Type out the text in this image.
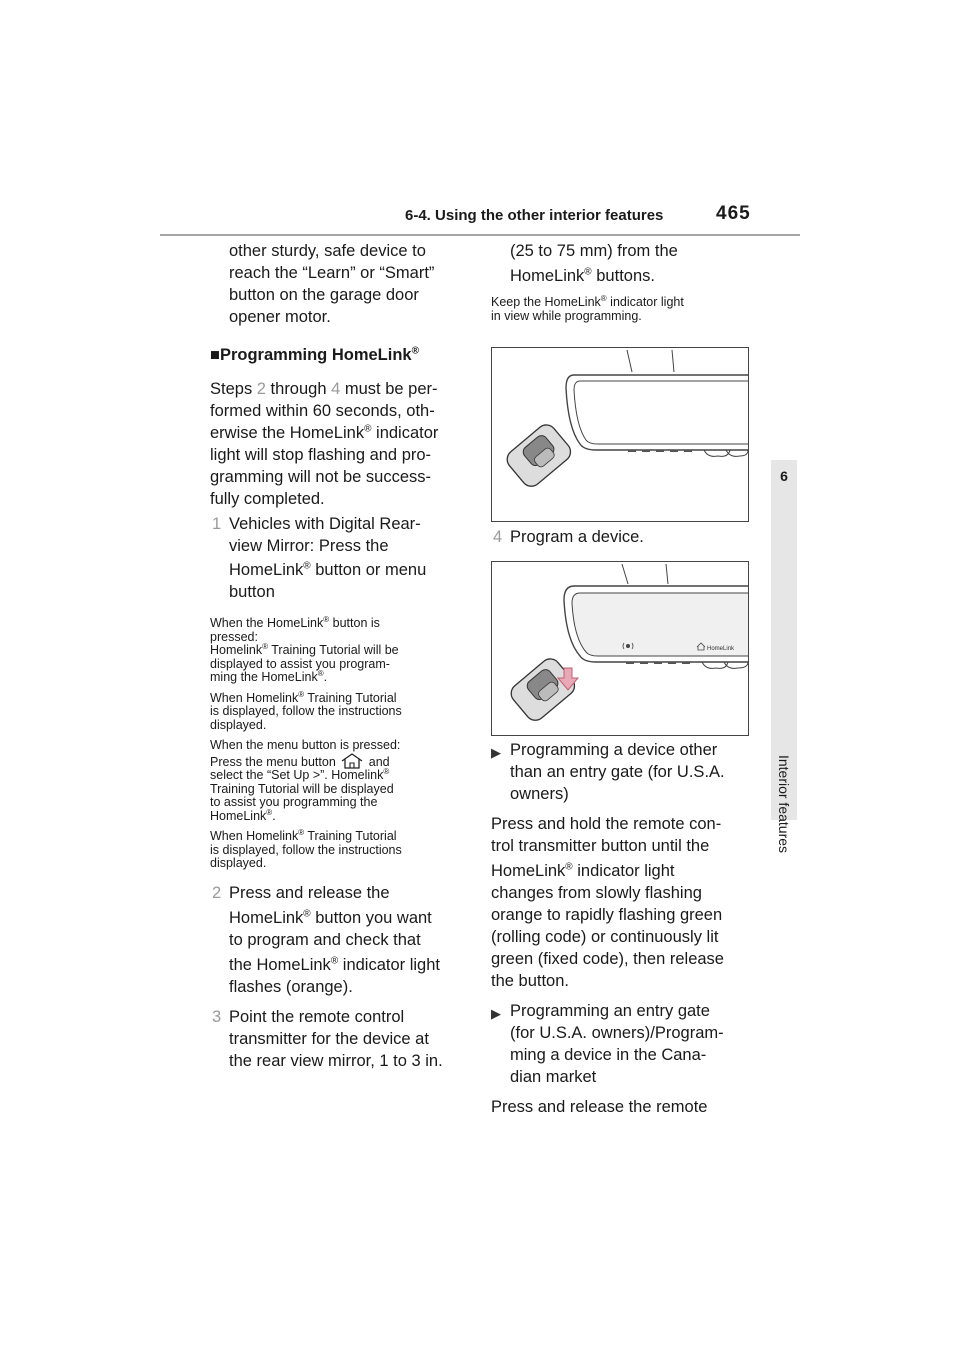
6-4. Using the other interior features	465
6
Interior features
other sturdy, safe device to
reach the “Learn” or “Smart”
button on the garage door
opener motor.
■Programming HomeLink®
Steps 2 through 4 must be per-
formed within 60 seconds, oth-
erwise the HomeLink® indicator
light will stop flashing and pro-
gramming will not be success-
fully completed.
1 Vehicles with Digital Rear-
view Mirror: Press the
HomeLink® button or menu
button
When the HomeLink® button is
pressed:
Homelink® Training Tutorial will be
displayed to assist you program-
ming the HomeLink®.
When Homelink® Training Tutorial
is displayed, follow the instructions
displayed.
When the menu button is pressed:
Press the menu button	and
select the “Set Up >”. Homelink®
Training Tutorial will be displayed
to assist you programming the
HomeLink®.
When Homelink® Training Tutorial
is displayed, follow the instructions
displayed.
2 Press and release the
HomeLink® button you want
to program and check that
the HomeLink® indicator light
flashes (orange).
3 Point the remote control
transmitter for the device at
the rear view mirror, 1 to 3 in.
(25 to 75 mm) from the
HomeLink® buttons.
Keep the HomeLink® indicator light
in view while programming.
4 Program a device.
HomeLink
▶ Programming a device other
than an entry gate (for U.S.A.
owners)
Press and hold the remote con-
trol transmitter button until the
HomeLink® indicator light
changes from slowly flashing
orange to rapidly flashing green
(rolling code) or continuously lit
green (fixed code), then release
the button.
▶ Programming an entry gate
(for U.S.A. owners)/Program-
ming a device in the Cana-
dian market
Press and release the remote
